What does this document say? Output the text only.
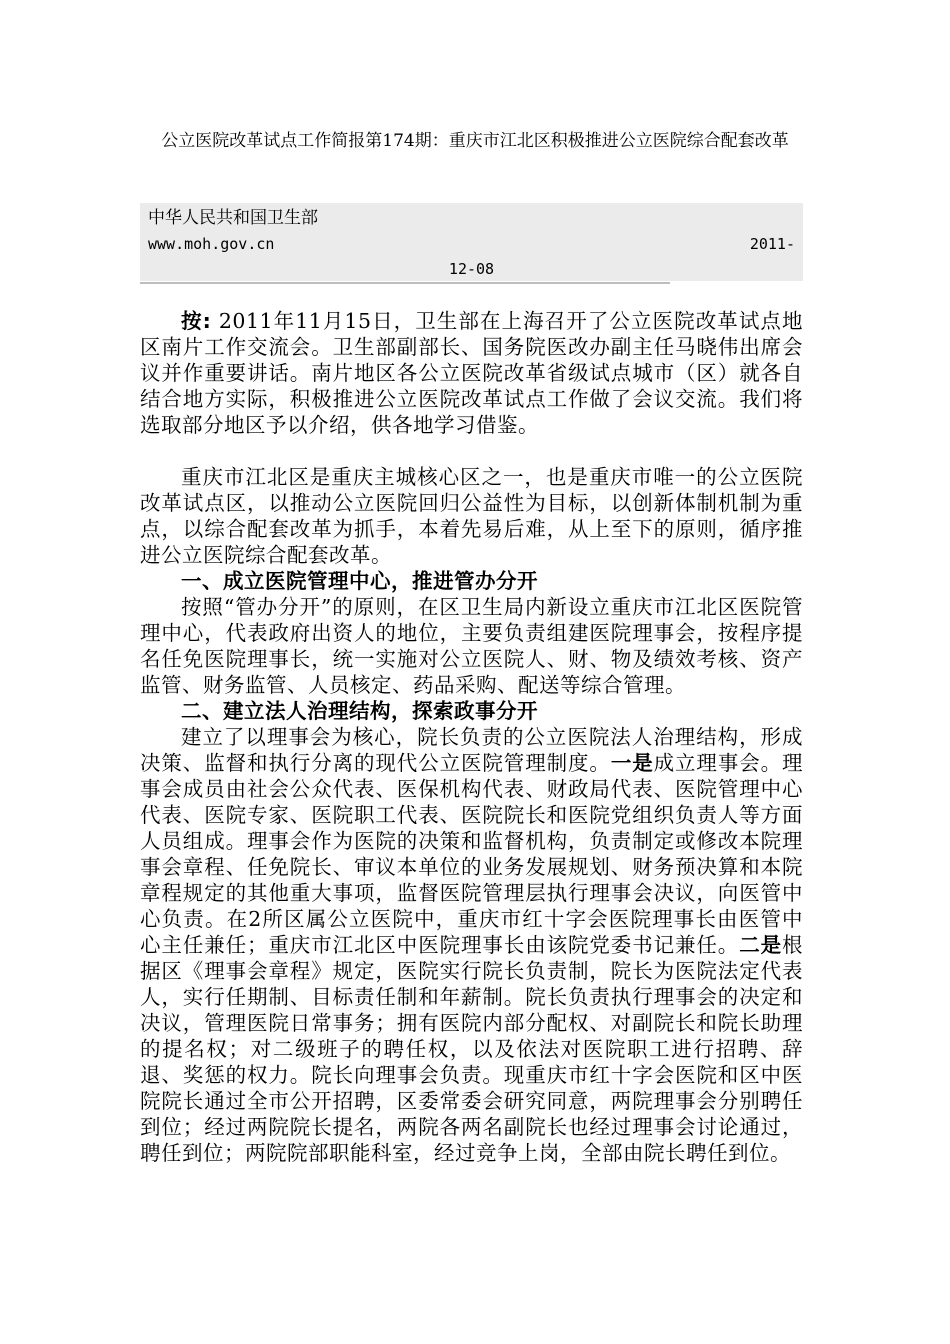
公立医院改革试点工作简报第174期：重庆市江北区积极推进公立医院综合配套改革
中华人民共和国卫生部
www.moh.gov.cn	2011-
12-08

按: 2011年11月15日，卫生部在上海召开了公立医院改革试点地区南片工作交流会。卫生部副部长、国务院医改办副主任马晓伟出席会议并作重要讲话。南片地区各公立医院改革省级试点城市（区）就各自结合地方实际，积极推进公立医院改革试点工作做了会议交流。我们将选取部分地区予以介绍，供各地学习借鉴。

重庆市江北区是重庆主城核心区之一，也是重庆市唯一的公立医院改革试点区，以推动公立医院回归公益性为目标，以创新体制机制为重点，以综合配套改革为抓手，本着先易后难，从上至下的原则，循序推进公立医院综合配套改革。

一、成立医院管理中心，推进管办分开

按照“管办分开”的原则，在区卫生局内新设立重庆市江北区医院管理中心，代表政府出资人的地位，主要负责组建医院理事会，按程序提名任免医院理事长，统一实施对公立医院人、财、物及绩效考核、资产监管、财务监管、人员核定、药品采购、配送等综合管理。

二、建立法人治理结构，探索政事分开

建立了以理事会为核心，院长负责的公立医院法人治理结构，形成决策、监督和执行分离的现代公立医院管理制度。一是成立理事会。理事会成员由社会公众代表、医保机构代表、财政局代表、医院管理中心代表、医院专家、医院职工代表、医院院长和医院党组织负责人等方面人员组成。理事会作为医院的决策和监督机构，负责制定或修改本院理事会章程、任免院长、审议本单位的业务发展规划、财务预决算和本院章程规定的其他重大事项，监督医院管理层执行理事会决议，向医管中心负责。在2所区属公立医院中，重庆市红十字会医院理事长由医管中心主任兼任；重庆市江北区中医院理事长由该院党委书记兼任。二是根据区《理事会章程》规定，医院实行院长负责制，院长为医院法定代表人，实行任期制、目标责任制和年薪制。院长负责执行理事会的决定和决议，管理医院日常事务；拥有医院内部分配权、对副院长和院长助理的提名权；对二级班子的聘任权，以及依法对医院职工进行招聘、辞退、奖惩的权力。院长向理事会负责。现重庆市红十字会医院和区中医院院长通过全市公开招聘，区委常委会研究同意，两院理事会分别聘任到位；经过两院院长提名，两院各两名副院长也经过理事会讨论通过，聘任到位；两院院部职能科室，经过竞争上岗，全部由院长聘任到位。
